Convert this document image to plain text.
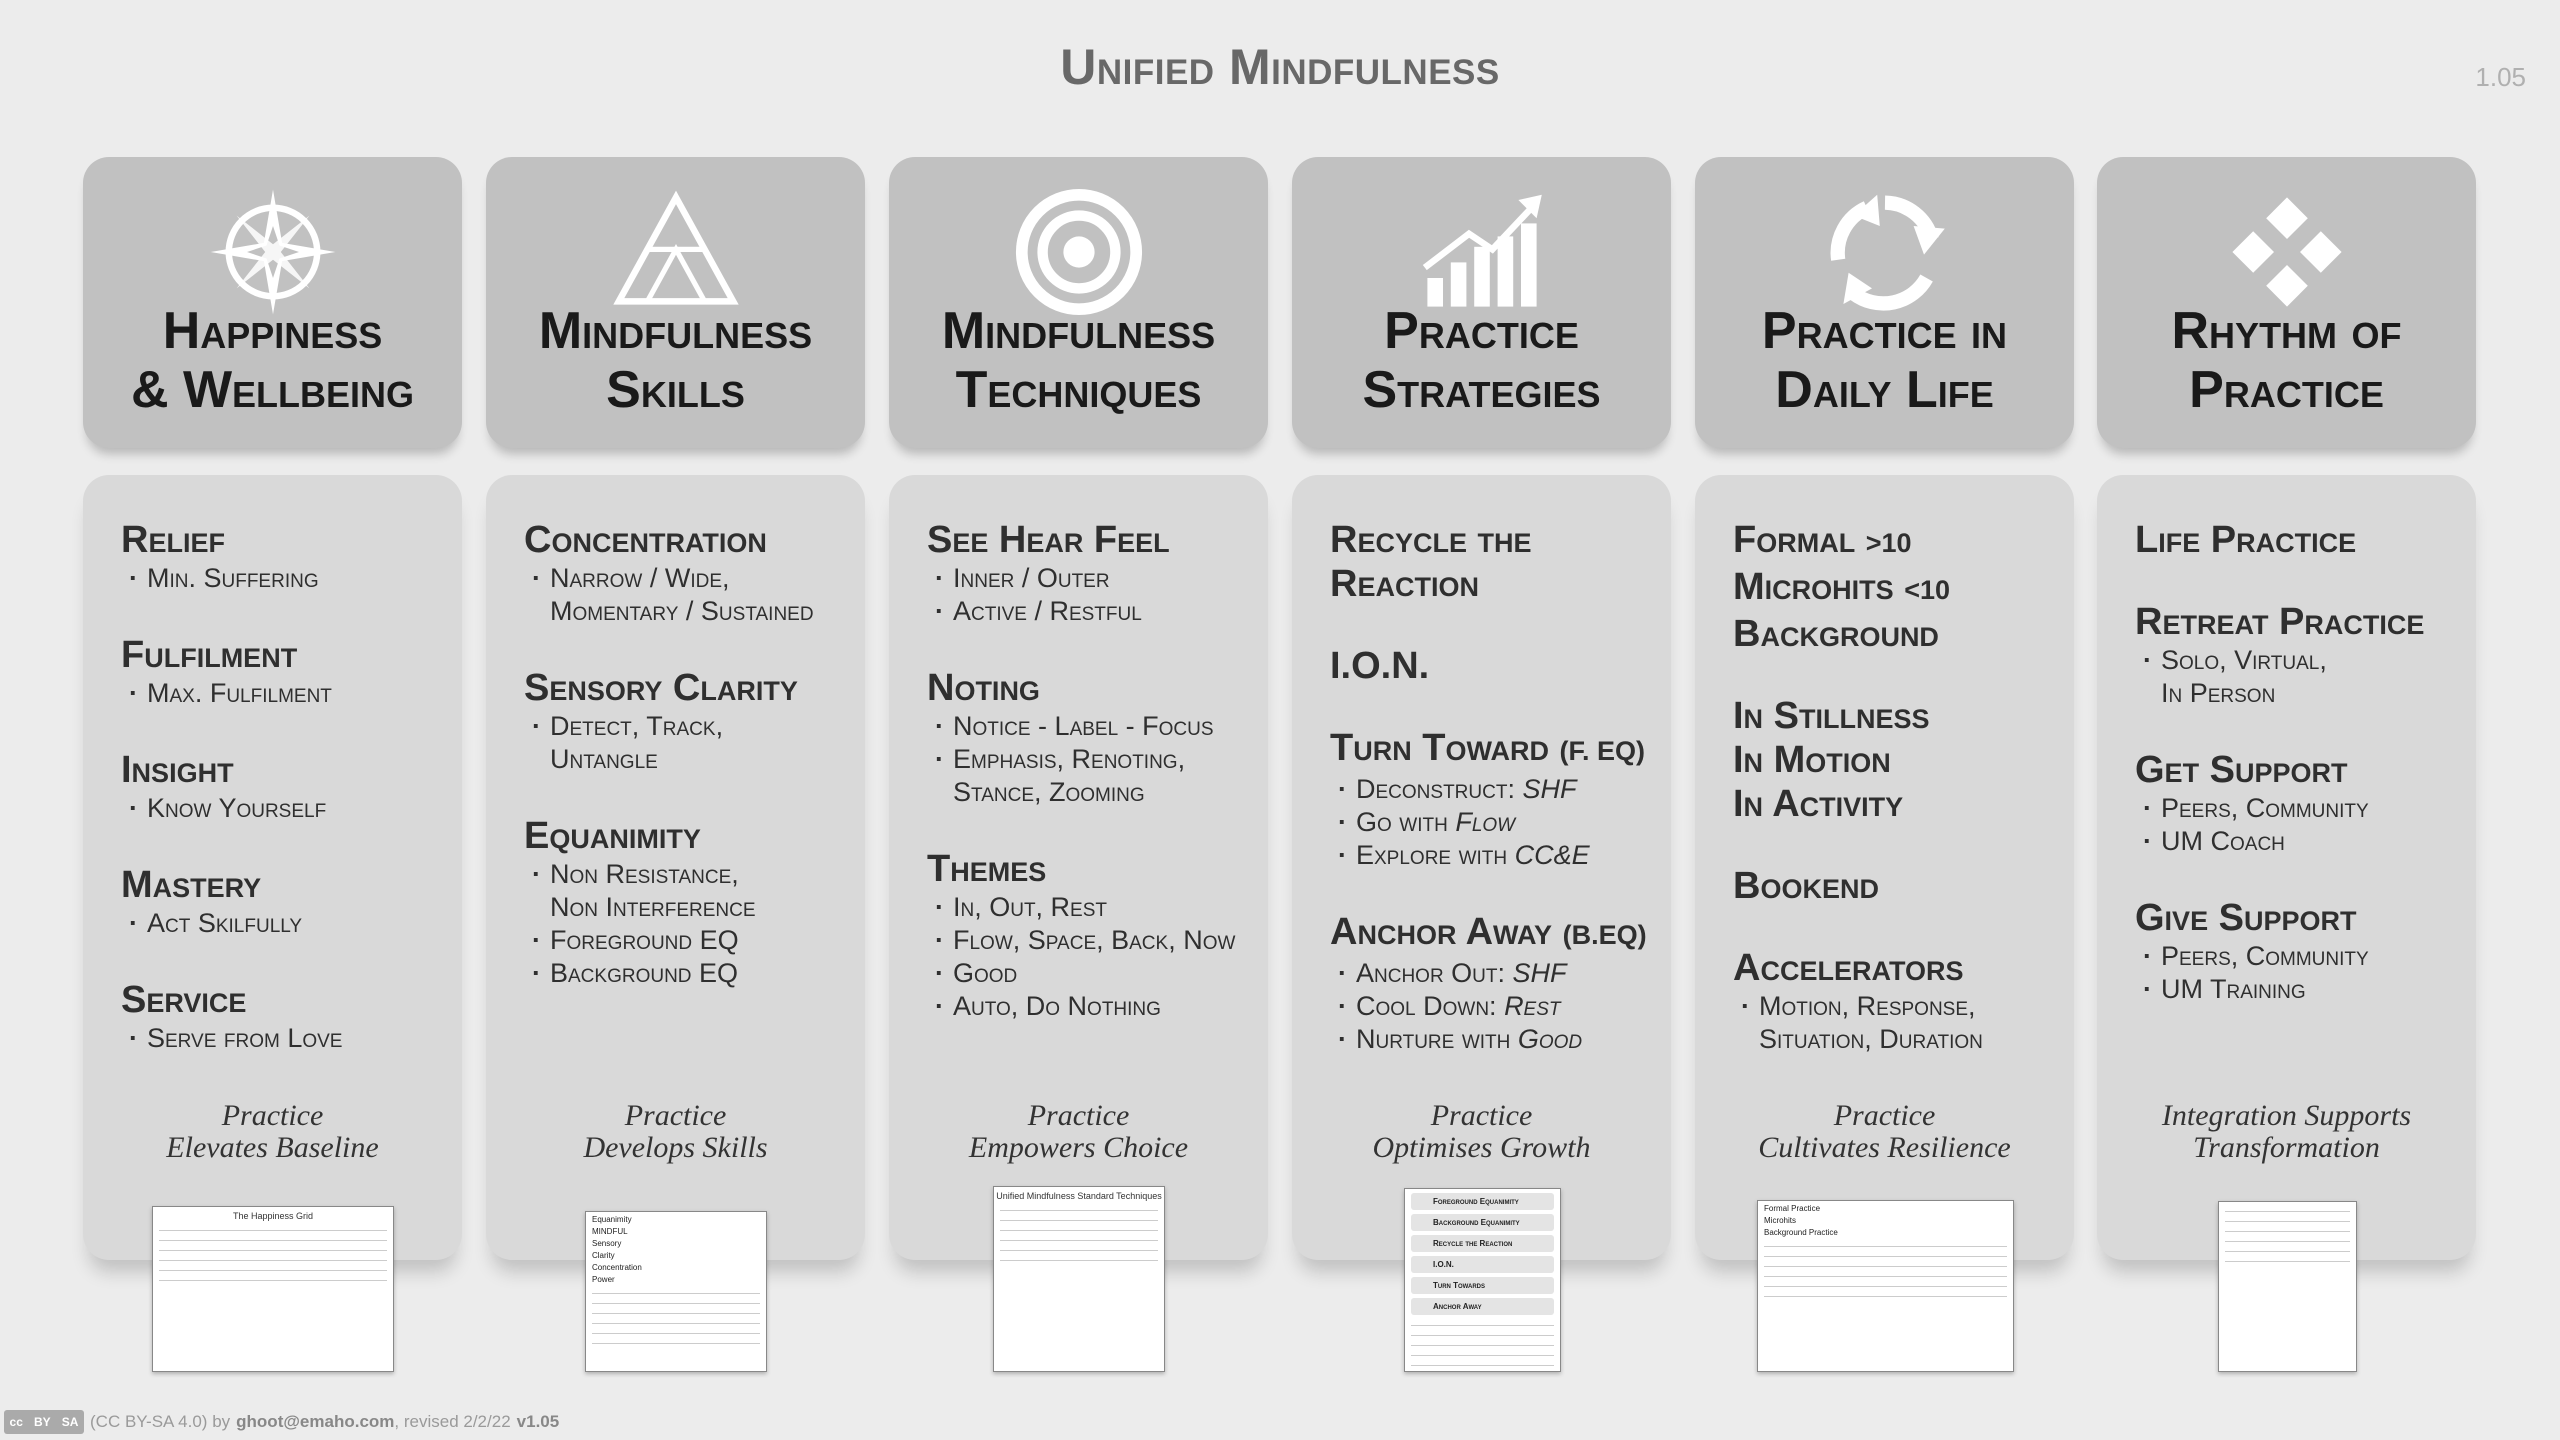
Unified Mindfulness	1.05
Happiness
& Wellbeing
Relief
· Min. Suffering
Fulfilment
· Max. Fulfilment
Insight
· Know Yourself
Mastery
· Act Skilfully
Service
· Serve from Love
Practice
Elevates Baseline
The Happiness Grid
Mindfulness
Skills
Concentration
· Narrow / Wide,
Momentary / Sustained
Sensory Clarity
· Detect, Track,
Untangle
Equanimity
· Non Resistance,
Non Interference
· Foreground EQ
· Background EQ
Practice
Develops Skills
Equanimity
MINDFUL
Sensory
Clarity
Concentration
Power
Mindfulness
Techniques
See Hear Feel
· Inner / Outer
· Active / Restful
Noting
· Notice - Label - Focus
· Emphasis, Renoting,
Stance, Zooming
Themes
· In, Out, Rest
· Flow, Space, Back, Now
· Good
· Auto, Do Nothing
Practice
Empowers Choice
Unified Mindfulness Standard Techniques
Practice
Strategies
Recycle the Reaction
I.O.N.
Turn Toward (F. EQ)
· Deconstruct: SHF
· Go with Flow
· Explore with CC&E
Anchor Away (B.EQ)
· Anchor Out: SHF
· Cool Down: Rest
· Nurture with Good
Practice
Optimises Growth
Foreground Equanimity
Background Equanimity
Recycle the Reaction
I.O.N.
Turn Towards
Anchor Away
Practice in
Daily Life
Formal >10
Microhits <10
Background
In Stillness
In Motion
In Activity
Bookend
Accelerators
· Motion, Response,
Situation, Duration
Practice
Cultivates Resilience
Formal Practice
Microhits
Background Practice
Rhythm of
Practice
Life Practice
Retreat Practice
· Solo, Virtual,
In Person
Get Support
· Peers, Community
· UM Coach
Give Support
· Peers, Community
· UM Training
Integration Supports
Transformation
cc BY SA (CC BY-SA 4.0) by ghoot@emaho.com , revised 2/2/22 v1.05
